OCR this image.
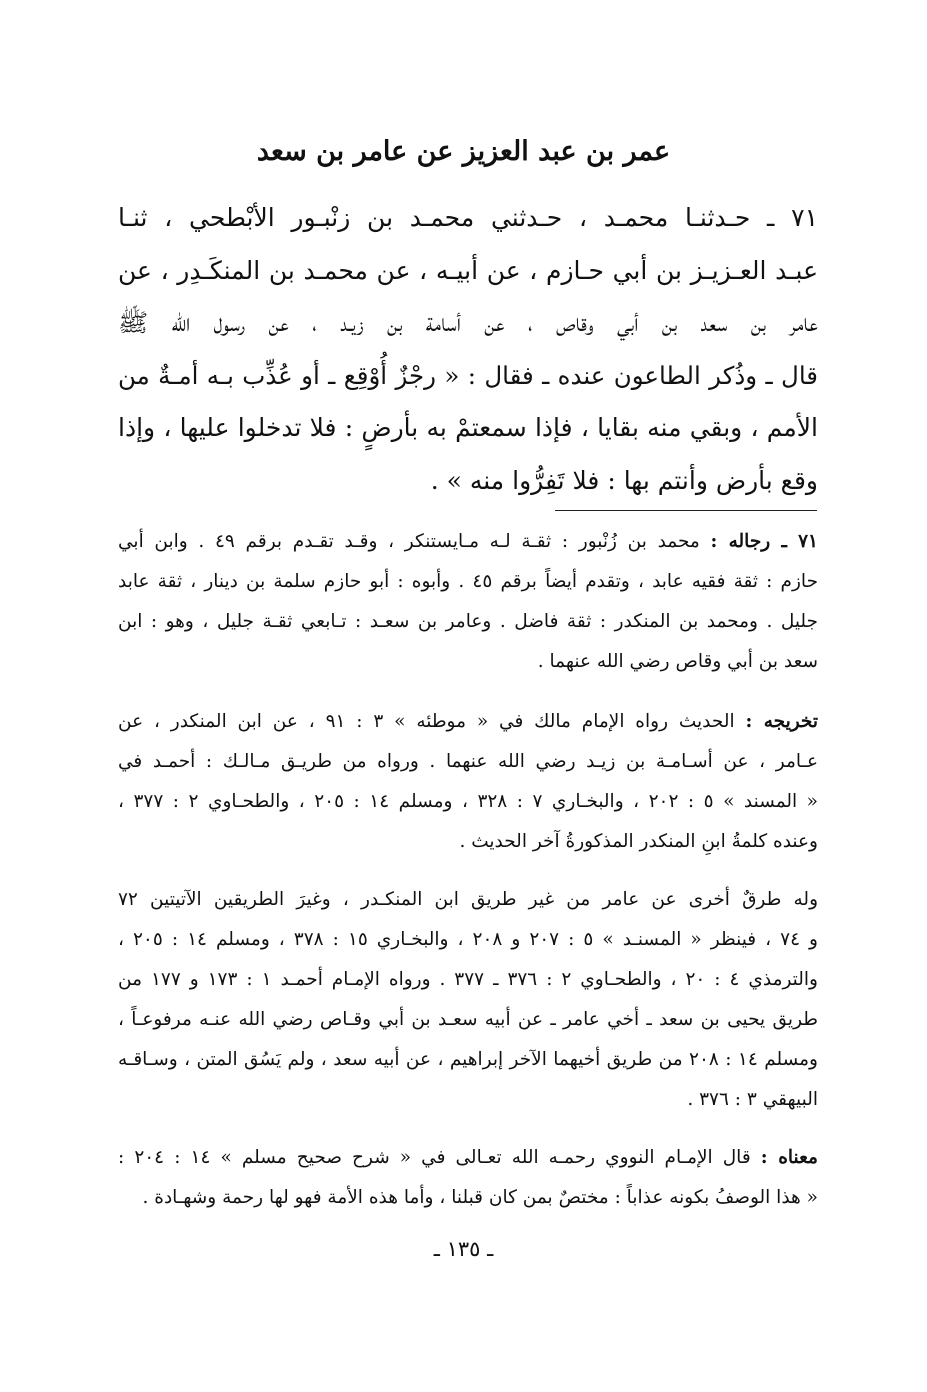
عمر بن عبد العزيز عن عامر بن سعد
٧١ ـ حـدثنـا محمـد ، حـدثني محمـد بن زنْبـور الأبْطحي ، ثنـا
عبـد العـزيـز بن أبي حـازم ، عن أبيـه ، عن محمـد بن المنكَـدِر ، عن
عامر بن سعد بن أبي وقاص ، عن أسامة بن زيـد ، عن رسول الله ﷺ
قال ـ وذُكر الطاعون عنده ـ فقال : « رجْزٌ أُوْقِع ـ أو عُذِّب بـه أمـةٌ من
الأمم ، وبقي منه بقايا ، فإذا سمعتمْ به بأرضٍ : فلا تدخلوا عليها ، وإذا
وقع بأرض وأنتم بها : فلا تَفِرُّوا منه » .
٧١ ـ رجاله : محمد بن زُنْبور : ثقـة لـه مـايستنكر ، وقـد تقـدم برقم ٤٩ . وابن أبي
حازم : ثقة فقيه عابد ، وتقدم أيضاً برقم ٤٥ . وأبوه : أبو حازم سلمة بن دينار ، ثقة عابد
جليل . ومحمد بن المنكدر : ثقة فاضل . وعامر بن سعـد : تـابعي ثقـة جليل ، وهو : ابن
سعد بن أبي وقاص رضي الله عنهما .
تخريجه : الحديث رواه الإمام مالك في « موطئه » ٣ : ٩١ ، عن ابن المنكدر ، عن
عـامر ، عن أسـامـة بن زيـد رضي الله عنهما . ورواه من طريـق مـالـك : أحمـد في
« المسند » ٥ : ٢٠٢ ، والبخـاري ٧ : ٣٢٨ ، ومسلم ١٤ : ٢٠٥ ، والطحـاوي ٢ : ٣٧٧ ،
وعنده كلمةُ ابنِ المنكدر المذكورةُ آخر الحديث .
وله طرقٌ أخرى عن عامر من غير طريق ابن المنكـدر ، وغيرَ الطريقين الآتيتين ٧٢
و ٧٤ ، فينظر « المسنـد » ٥ : ٢٠٧ و ٢٠٨ ، والبخـاري ١٥ : ٣٧٨ ، ومسلم ١٤ : ٢٠٥ ،
والترمذي ٤ : ٢٠ ، والطحـاوي ٢ : ٣٧٦ ـ ٣٧٧ . ورواه الإمـام أحمـد ١ : ١٧٣ و ١٧٧ من
طريق يحيى بن سعد ـ أخي عامر ـ عن أبيه سعـد بن أبي وقـاص رضي الله عنـه مرفوعـاً ،
ومسلم ١٤ : ٢٠٨ من طريق أخيهما الآخر إبراهيم ، عن أبيه سعد ، ولم يَسُق المتن ، وسـاقـه
البيهقي ٣ : ٣٧٦ .
معناه : قال الإمـام النووي رحمـه الله تعـالى في « شرح صحيح مسلم » ١٤ : ٢٠٤ :
« هذا الوصفُ بكونه عذاباً : مختصٌ بمن كان قبلنا ، وأما هذه الأمة فهو لها رحمة وشهـادة .
ـ ١٣٥ ـ
